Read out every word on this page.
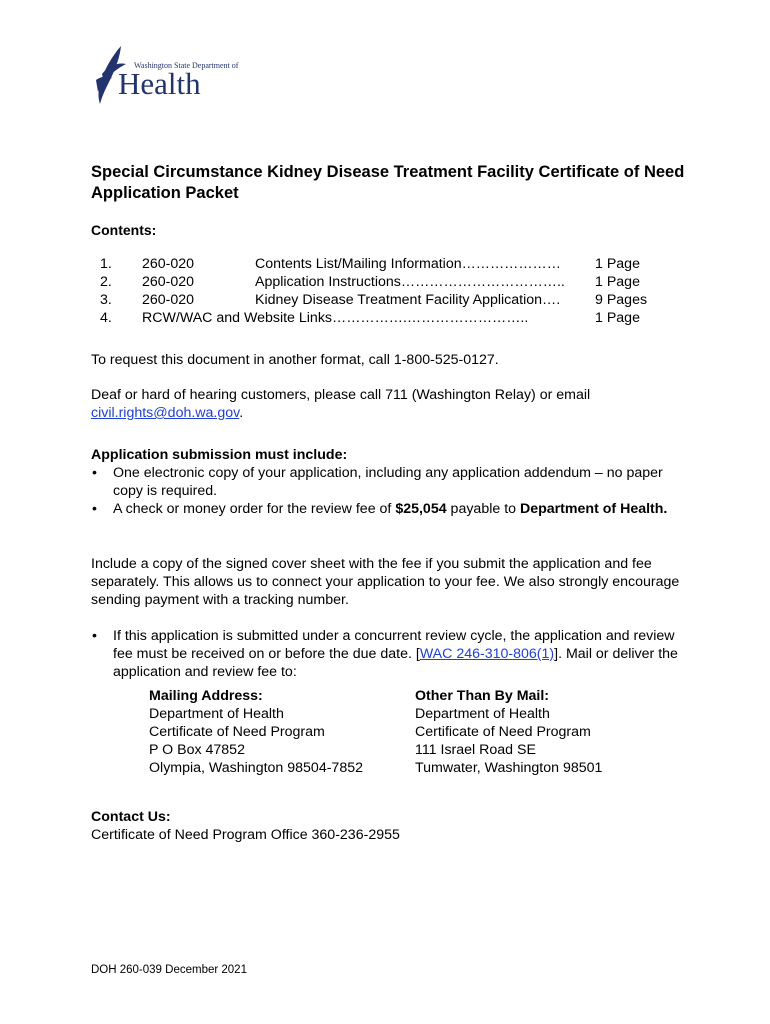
Washington State Department of
Health
Special Circumstance Kidney Disease Treatment Facility Certificate of Need Application Packet
Contents:
1. 260-020	Contents List/Mailing Information………………… 1 Page
2. 260-020	Application Instructions…………………………….. 1 Page
3. 260-020	Kidney Disease Treatment Facility Application…. 9 Pages
4. RCW/WAC and Website Links…………….……………………..	1 Page
To request this document in another format, call 1-800-525-0127.
Deaf or hard of hearing customers, please call 711 (Washington Relay) or email civil.rights@doh.wa.gov.
Application submission must include:
• One electronic copy of your application, including any application addendum – no paper copy is required.
• A check or money order for the review fee of $25,054 payable to Department of Health.
Include a copy of the signed cover sheet with the fee if you submit the application and fee separately. This allows us to connect your application to your fee. We also strongly encourage sending payment with a tracking number.
• If this application is submitted under a concurrent review cycle, the application and review fee must be received on or before the due date. [WAC 246-310-806(1)]. Mail or deliver the application and review fee to:
Mailing Address:
Department of Health
Certificate of Need Program
P O Box 47852
Olympia, Washington 98504-7852
Other Than By Mail:
Department of Health
Certificate of Need Program
111 Israel Road SE
Tumwater, Washington 98501
Contact Us:
Certificate of Need Program Office 360-236-2955
DOH 260-039 December 2021
